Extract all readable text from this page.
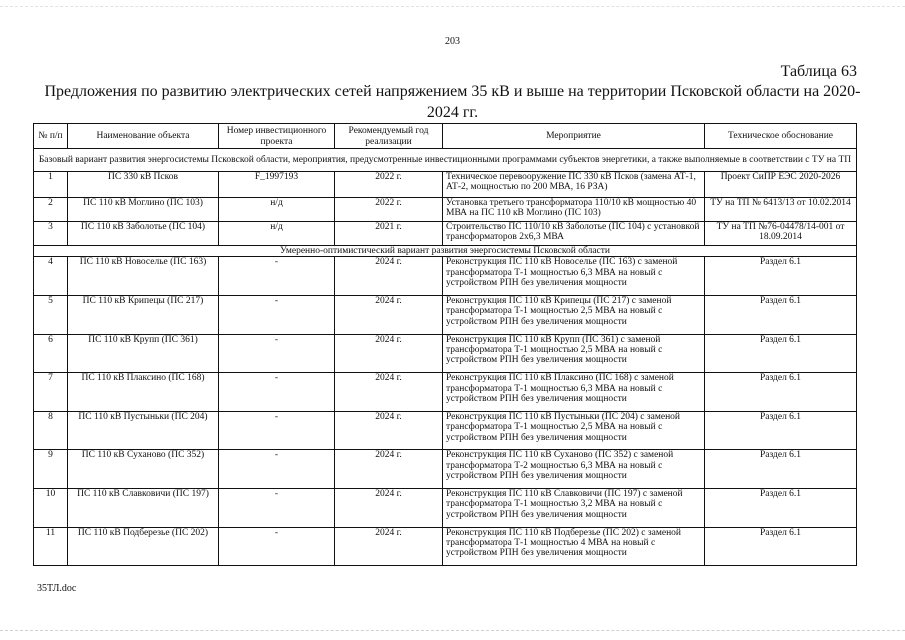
203
Таблица 63
Предложения по развитию электрических сетей напряжением 35 кВ и выше на территории Псковской области на 2020-2024 гг.
№ п/п	Наименование объекта	Номер инвестиционного проекта	Рекомендуемый год реализации	Мероприятие	Техническое обоснование
Базовый вариант развития энергосистемы Псковской области, мероприятия, предусмотренные инвестиционными программами субъектов энергетики, а также выполняемые в соответствии с ТУ на ТП					
1	ПС 330 кВ Псков	F_1997193	2022 г.	Техническое перевооружение ПС 330 кВ Псков (замена АТ-1, АТ-2, мощностью по 200 МВА, 16 РЗА)	Проект СиПР ЕЭС 2020-2026
2	ПС 110 кВ Моглино (ПС 103)	н/д	2022 г.	Установка третьего трансформатора 110/10 кВ мощностью 40 МВА на ПС 110 кВ Моглино (ПС 103)	ТУ на ТП № 6413/13 от 10.02.2014
3	ПС 110 кВ Заболотье (ПС 104)	н/д	2021 г.	Строительство ПС 110/10 кВ Заболотье (ПС 104) с установкой трансформаторов 2х6,3 МВА	ТУ на ТП №76-04478/14-001 от 18.09.2014
Умеренно-оптимистический вариант развития энергосистемы Псковской области					
4	ПС 110 кВ Новоселье (ПС 163)	-	2024 г.	Реконструкция ПС 110 кВ Новоселье (ПС 163) с заменой трансформатора Т-1 мощностью 6,3 МВА на новый с устройством РПН без увеличения мощности	Раздел 6.1
5	ПС 110 кВ Крипецы (ПС 217)	-	2024 г.	Реконструкция ПС 110 кВ Крипецы (ПС 217) с заменой трансформатора Т-1 мощностью 2,5 МВА на новый с устройством РПН без увеличения мощности	Раздел 6.1
6	ПС 110 кВ Крупп (ПС 361)	-	2024 г.	Реконструкция ПС 110 кВ Крупп (ПС 361) с заменой трансформатора Т-1 мощностью 2,5 МВА на новый с устройством РПН без увеличения мощности	Раздел 6.1
7	ПС 110 кВ Плаксино (ПС 168)	-	2024 г.	Реконструкция ПС 110 кВ Плаксино (ПС 168) с заменой трансформатора Т-1 мощностью 6,3 МВА на новый с устройством РПН без увеличения мощности	Раздел 6.1
8	ПС 110 кВ Пустыньки (ПС 204)	-	2024 г.	Реконструкция ПС 110 кВ Пустыньки (ПС 204) с заменой трансформатора Т-1 мощностью 2,5 МВА на новый с устройством РПН без увеличения мощности	Раздел 6.1
9	ПС 110 кВ Суханово (ПС 352)	-	2024 г.	Реконструкция ПС 110 кВ Суханово (ПС 352) с заменой трансформатора Т-2 мощностью 6,3 МВА на новый с устройством РПН без увеличения мощности	Раздел 6.1
10	ПС 110 кВ Славковичи (ПС 197)	-	2024 г.	Реконструкция ПС 110 кВ Славковичи (ПС 197) с заменой трансформатора Т-1 мощностью 3,2 МВА на новый с устройством РПН без увеличения мощности	Раздел 6.1
11	ПС 110 кВ Подберезье (ПС 202)	-	2024 г.	Реконструкция ПС 110 кВ Подберезье (ПС 202) с заменой трансформатора Т-1 мощностью 4 МВА на новый с устройством РПН без увеличения мощности	Раздел 6.1
35ТЛ.doc
